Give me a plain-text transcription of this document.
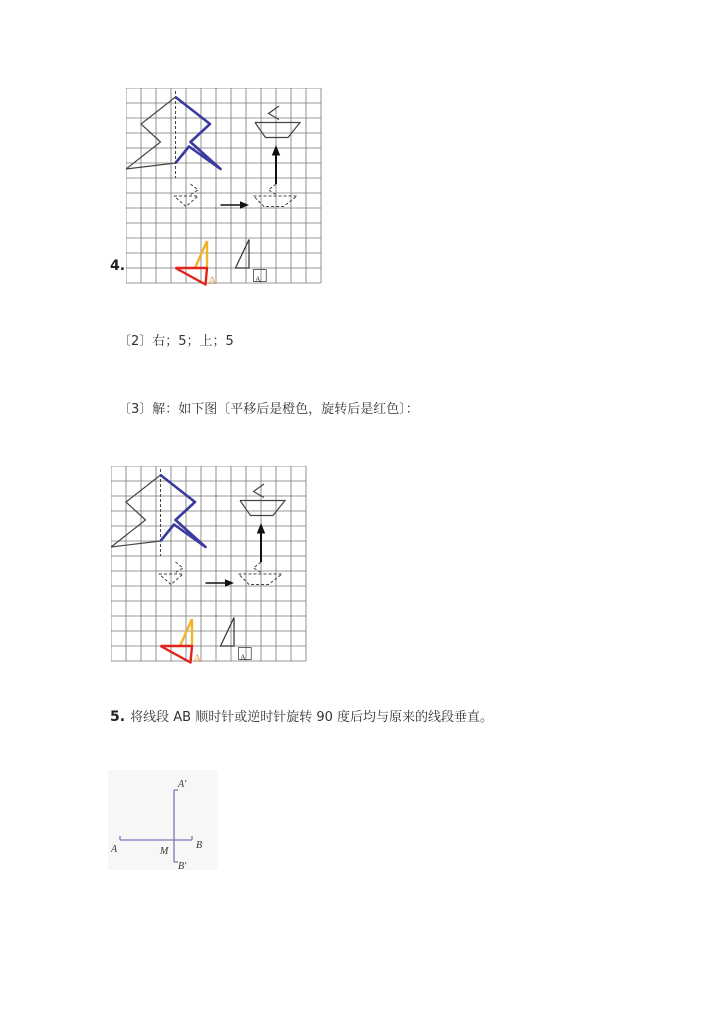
4.
A	A
〔2〕右；5；上；5
〔3〕解：如下图〔平移后是橙色，旋转后是红色〕：
A	A
5. 将线段 AB 顺时针或逆时针旋转 90 度后均与原来的线段垂直。
A′
A	M
B
B′
